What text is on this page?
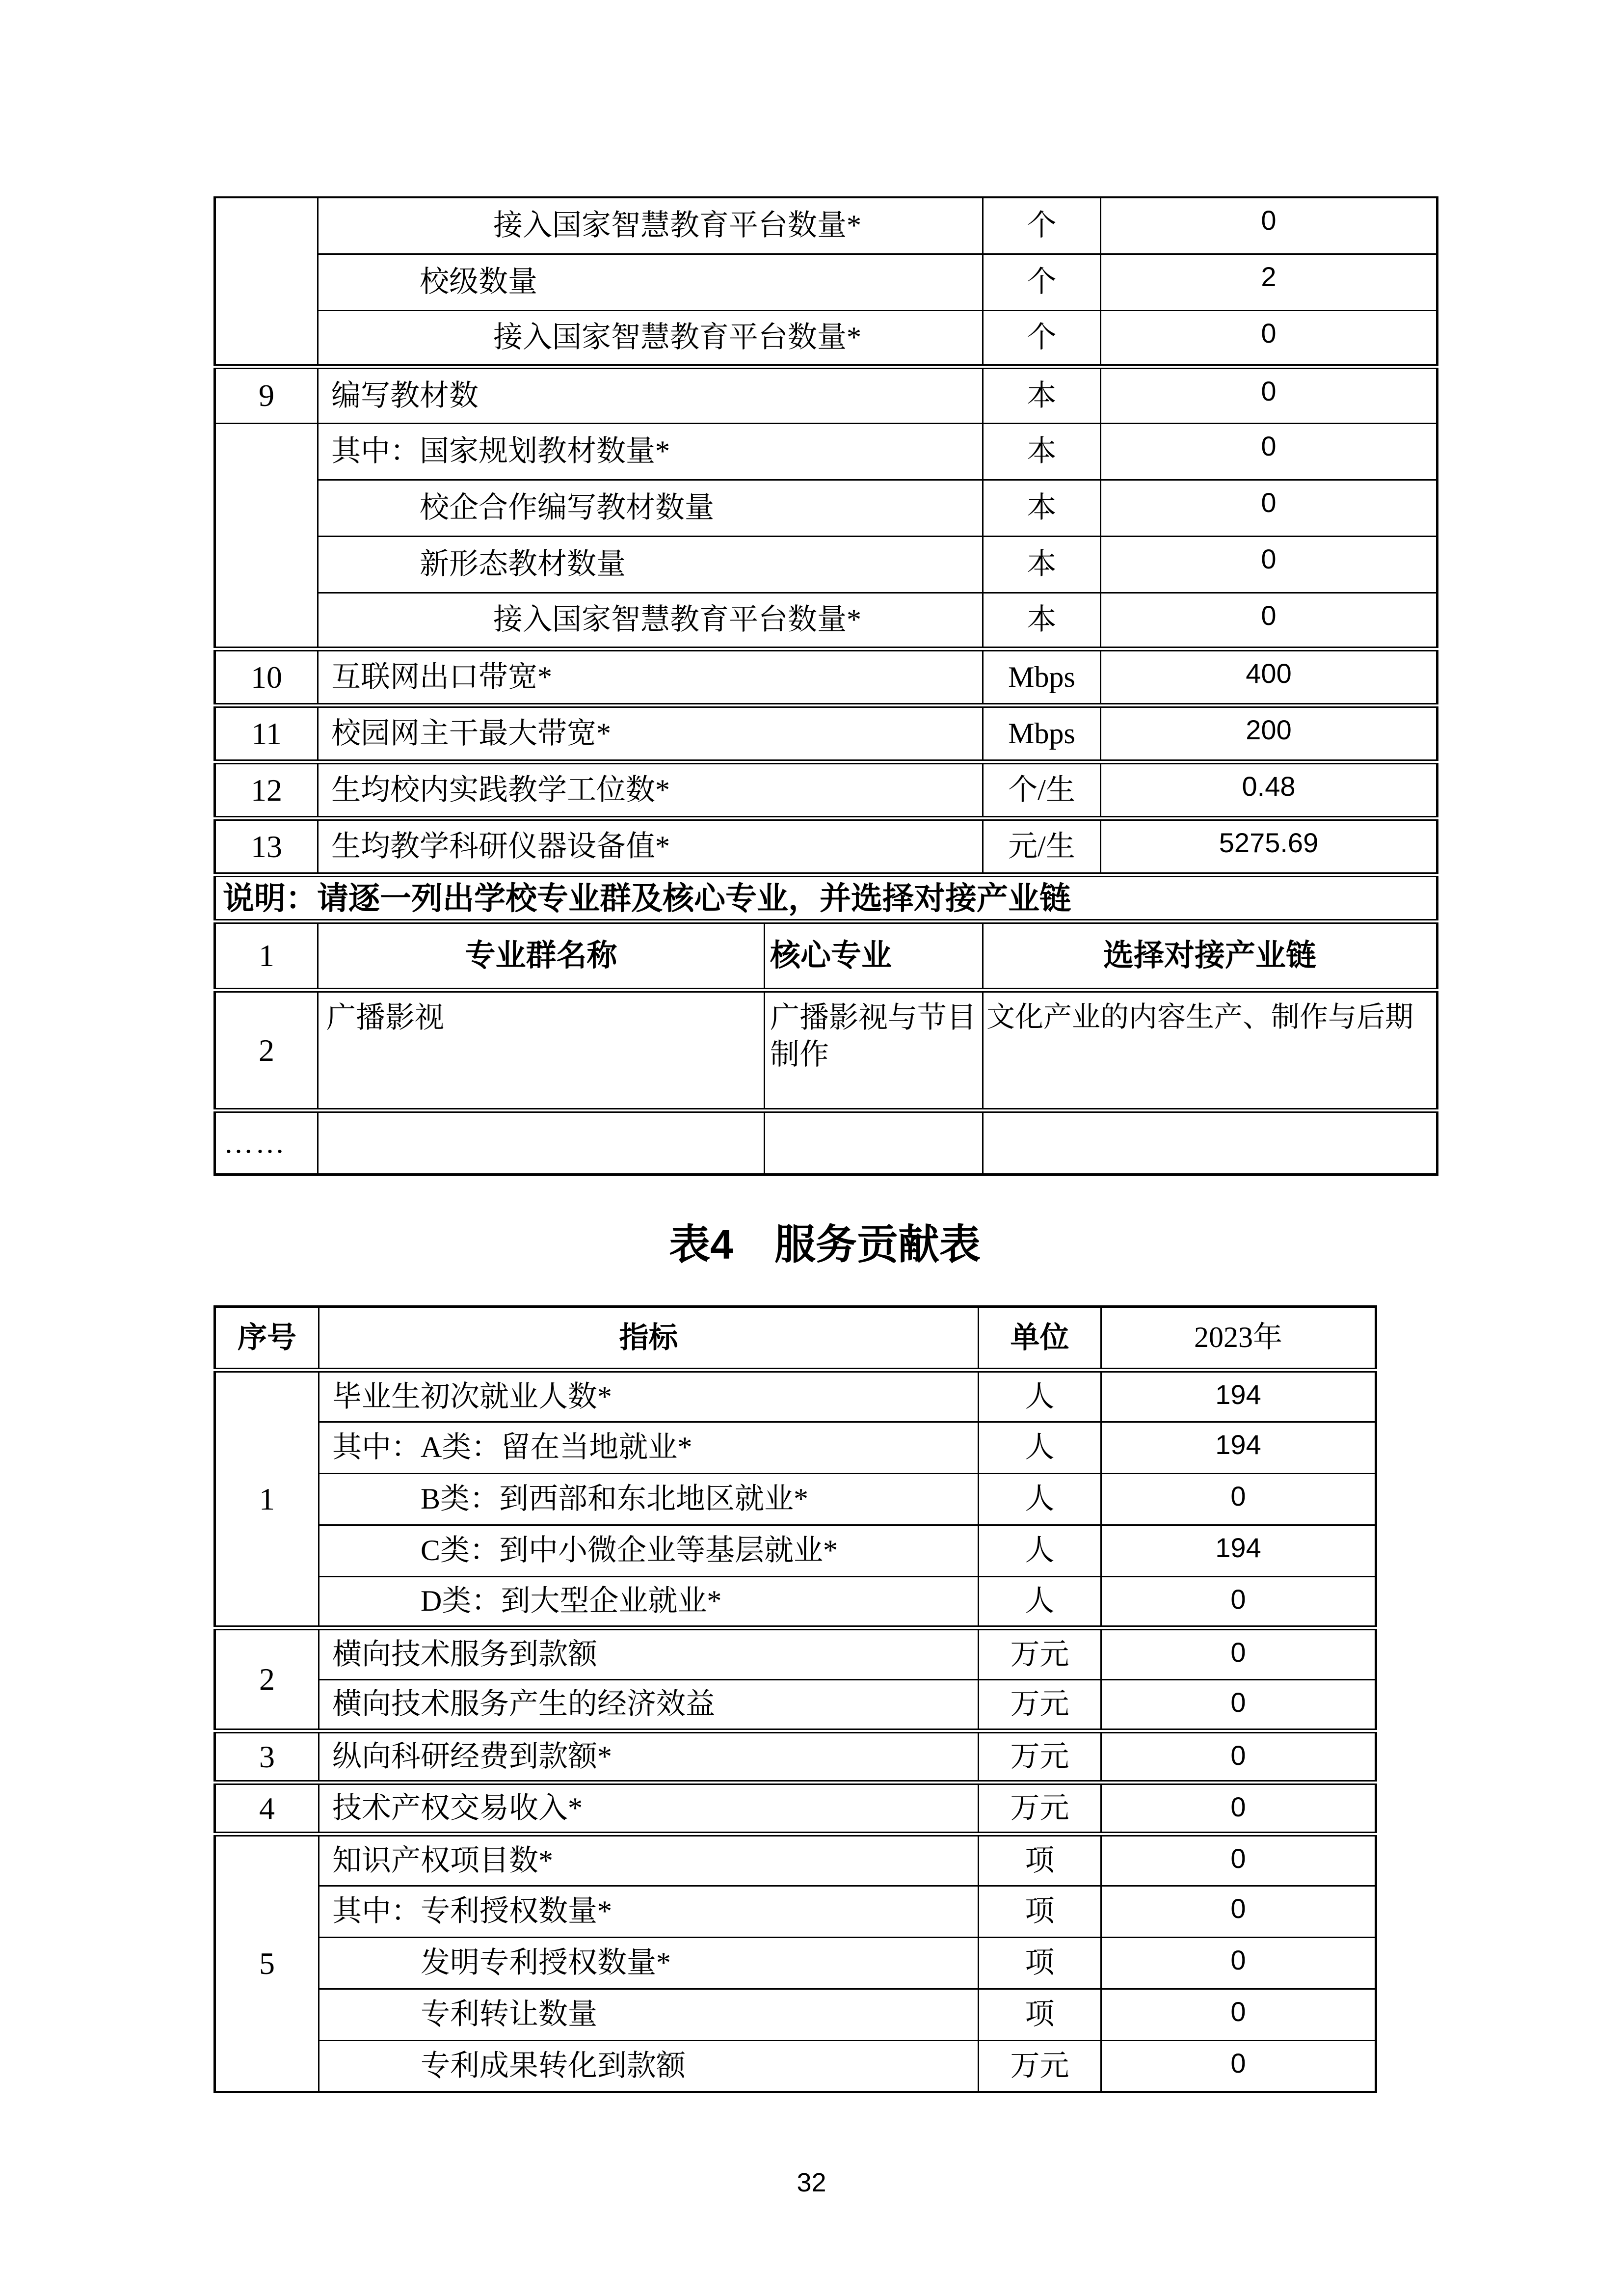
	接入国家智慧教育平台数量*		个	0
	校级数量		个	2
	接入国家智慧教育平台数量*		个	0
9	编写教材数		本	0
	其中：国家规划教材数量*		本	0
	校企合作编写教材数量		本	0
	新形态教材数量		本	0
	接入国家智慧教育平台数量*		本	0
10	互联网出口带宽*		Mbps	400
11	校园网主干最大带宽*		Mbps	200
12	生均校内实践教学工位数*		个/生	0.48
13	生均教学科研仪器设备值*		元/生	5275.69
说明：请逐一列出学校专业群及核心专业，并选择对接产业链				
1	专业群名称	核心专业	选择对接产业链	
2	广播影视	广播影视与节目制作	文化产业的内容生产、制作与后期	
……				
表4　服务贡献表
序号	指标	单位	2023年
1	毕业生初次就业人数*	人	194
	其中：A类：留在当地就业*	人	194
	B类：到西部和东北地区就业*	人	0
	C类：到中小微企业等基层就业*	人	194
	D类：到大型企业就业*	人	0
2	横向技术服务到款额	万元	0
	横向技术服务产生的经济效益	万元	0
3	纵向科研经费到款额*	万元	0
4	技术产权交易收入*	万元	0
5	知识产权项目数*	项	0
	其中：专利授权数量*	项	0
	发明专利授权数量*	项	0
	专利转让数量	项	0
	专利成果转化到款额	万元	0
32
